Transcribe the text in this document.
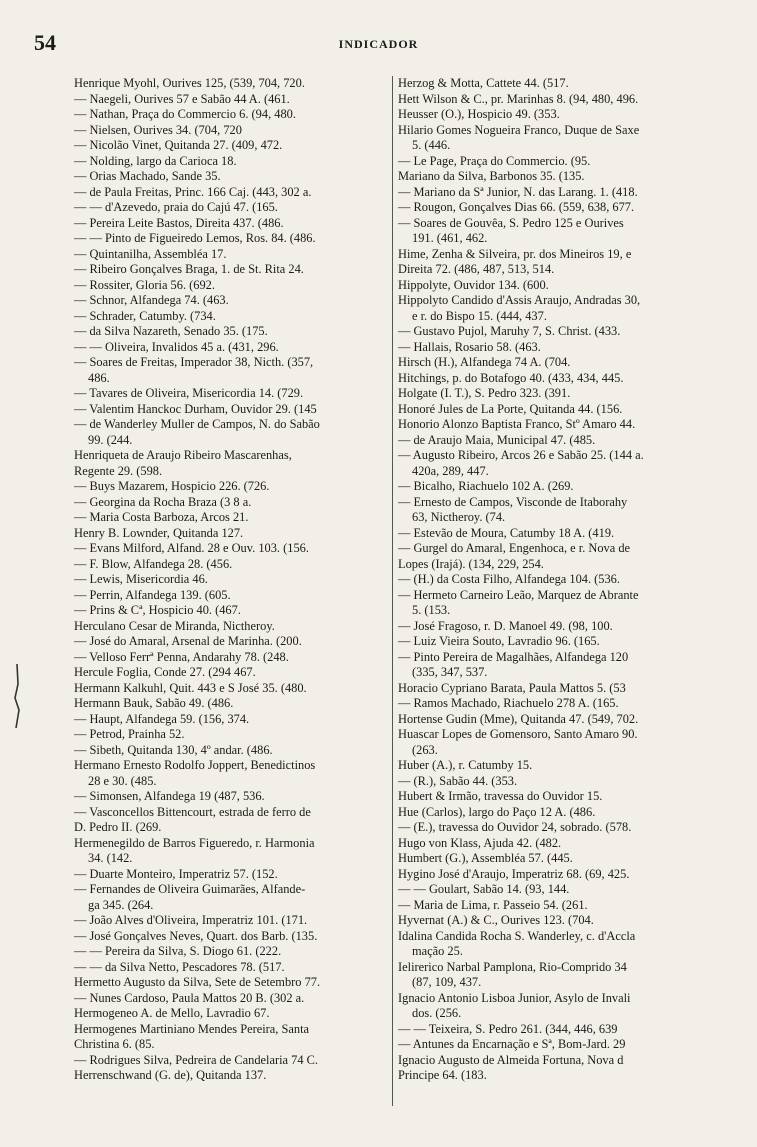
54	INDICADOR
Henrique Myohl, Ourives 125, (539, 704, 720.
— Naegeli, Ourives 57 e Sabão 44 A. (461.
— Nathan, Praça do Commercio 6. (94, 480.
— Nielsen, Ourives 34. (704, 720
— Nicolão Vinet, Quitanda 27. (409, 472.
— Nolding, largo da Carioca 18.
— Orias Machado, Sande 35.
— de Paula Freitas, Princ. 166 Caj. (443, 302 a.
— — d'Azevedo, praia do Cajú 47. (165.
— Pereira Leite Bastos, Direita 437. (486.
— — Pinto de Figueiredo Lemos, Ros. 84. (486.
— Quintanilha, Assembléa 17.
— Ribeiro Gonçalves Braga, 1. de St. Rita 24.
— Rossiter, Gloria 56. (692.
— Schnor, Alfandega 74. (463.
— Schrader, Catumby. (734.
— da Silva Nazareth, Senado 35. (175.
— — Oliveira, Invalidos 45 a. (431, 296.
— Soares de Freitas, Imperador 38, Nicth. (357,
486.
— Tavares de Oliveira, Misericordia 14. (729.
— Valentim Hanckoc Durham, Ouvidor 29. (145
— de Wanderley Muller de Campos, N. do Sabão
99. (244.
Henriqueta de Araujo Ribeiro Mascarenhas,
Regente 29. (598.
— Buys Mazarem, Hospicio 226. (726.
— Georgina da Rocha Braza (3 8 a.
— Maria Costa Barboza, Arcos 21.
Henry B. Lownder, Quitanda 127.
— Evans Milford, Alfand. 28 e Ouv. 103. (156.
— F. Blow, Alfandega 28. (456.
— Lewis, Misericordia 46.
— Perrin, Alfandega 139. (605.
— Prins & Cª, Hospicio 40. (467.
Herculano Cesar de Miranda, Nictheroy.
— José do Amaral, Arsenal de Marinha. (200.
— Velloso Ferrª Penna, Andarahy 78. (248.
Hercule Foglia, Conde 27. (294 467.
Hermann Kalkuhl, Quit. 443 e S José 35. (480.
Hermann Bauk, Sabão 49. (486.
— Haupt, Alfandega 59. (156, 374.
— Petrod, Prainha 52.
— Sibeth, Quitanda 130, 4º andar. (486.
Hermano Ernesto Rodolfo Joppert, Benedictinos
28 e 30. (485.
— Simonsen, Alfandega 19 (487, 536.
— Vasconcellos Bittencourt, estrada de ferro de
D. Pedro II. (269.
Hermenegildo de Barros Figueredo, r. Harmonia
34. (142.
— Duarte Monteiro, Imperatriz 57. (152.
— Fernandes de Oliveira Guimarães, Alfande-
ga 345. (264.
— João Alves d'Oliveira, Imperatriz 101. (171.
— José Gonçalves Neves, Quart. dos Barb. (135.
— — Pereira da Silva, S. Diogo 61. (222.
— — da Silva Netto, Pescadores 78. (517.
Hermetto Augusto da Silva, Sete de Setembro 77.
— Nunes Cardoso, Paula Mattos 20 B. (302 a.
Hermogeneo A. de Mello, Lavradio 67.
Hermogenes Martiniano Mendes Pereira, Santa
Christina 6. (85.
— Rodrigues Silva, Pedreira de Candelaria 74 C.
Herrenschwand (G. de), Quitanda 137.
Herzog & Motta, Cattete 44. (517.
Hett Wilson & C., pr. Marinhas 8. (94, 480, 496.
Heusser (O.), Hospicio 49. (353.
Hilario Gomes Nogueira Franco, Duque de Saxe
5. (446.
— Le Page, Praça do Commercio. (95.
Mariano da Silva, Barbonos 35. (135.
— Mariano da Sª Junior, N. das Larang. 1. (418.
— Rougon, Gonçalves Dias 66. (559, 638, 677.
— Soares de Gouvêa, S. Pedro 125 e Ourives
191. (461, 462.
Hime, Zenha & Silveira, pr. dos Mineiros 19, e
Direita 72. (486, 487, 513, 514.
Hippolyte, Ouvidor 134. (600.
Hippolyto Candido d'Assis Araujo, Andradas 30,
e r. do Bispo 15. (444, 437.
— Gustavo Pujol, Maruhy 7, S. Christ. (433.
— Hallais, Rosario 58. (463.
Hirsch (H.), Alfandega 74 A. (704.
Hitchings, p. do Botafogo 40. (433, 434, 445.
Holgate (I. T.), S. Pedro 323. (391.
Honoré Jules de La Porte, Quitanda 44. (156.
Honorio Alonzo Baptista Franco, Stº Amaro 44.
— de Araujo Maia, Municipal 47. (485.
— Augusto Ribeiro, Arcos 26 e Sabão 25. (144 a.
420a, 289, 447.
— Bicalho, Riachuelo 102 A. (269.
— Ernesto de Campos, Visconde de Itaborahy
63, Nictheroy. (74.
— Estevão de Moura, Catumby 18 A. (419.
— Gurgel do Amaral, Engenhoca, e r. Nova de
Lopes (Irajá). (134, 229, 254.
— (H.) da Costa Filho, Alfandega 104. (536.
— Hermeto Carneiro Leão, Marquez de Abrante
5. (153.
— José Fragoso, r. D. Manoel 49. (98, 100.
— Luiz Vieira Souto, Lavradio 96. (165.
— Pinto Pereira de Magalhães, Alfandega 120
(335, 347, 537.
Horacio Cypriano Barata, Paula Mattos 5. (53
— Ramos Machado, Riachuelo 278 A. (165.
Hortense Gudin (Mme), Quitanda 47. (549, 702.
Huascar Lopes de Gomensoro, Santo Amaro 90.
(263.
Huber (A.), r. Catumby 15.
— (R.), Sabão 44. (353.
Hubert & Irmão, travessa do Ouvidor 15.
Hue (Carlos), largo do Paço 12 A. (486.
— (E.), travessa do Ouvidor 24, sobrado. (578.
Hugo von Klass, Ajuda 42. (482.
Humbert (G.), Assembléa 57. (445.
Hygino José d'Araujo, Imperatriz 68. (69, 425.
— — Goulart, Sabão 14. (93, 144.
— Maria de Lima, r. Passeio 54. (261.
Hyvernat (A.) & C., Ourives 123. (704.
Idalina Candida Rocha S. Wanderley, c. d'Accla
mação 25.
Ielirerico Narbal Pamplona, Rio-Comprido 34
(87, 109, 437.
Ignacio Antonio Lisboa Junior, Asylo de Invali
dos. (256.
— — Teixeira, S. Pedro 261. (344, 446, 639
— Antunes da Encarnação e Sª, Bom-Jard. 29
Ignacio Augusto de Almeida Fortuna, Nova d
Principe 64. (183.
